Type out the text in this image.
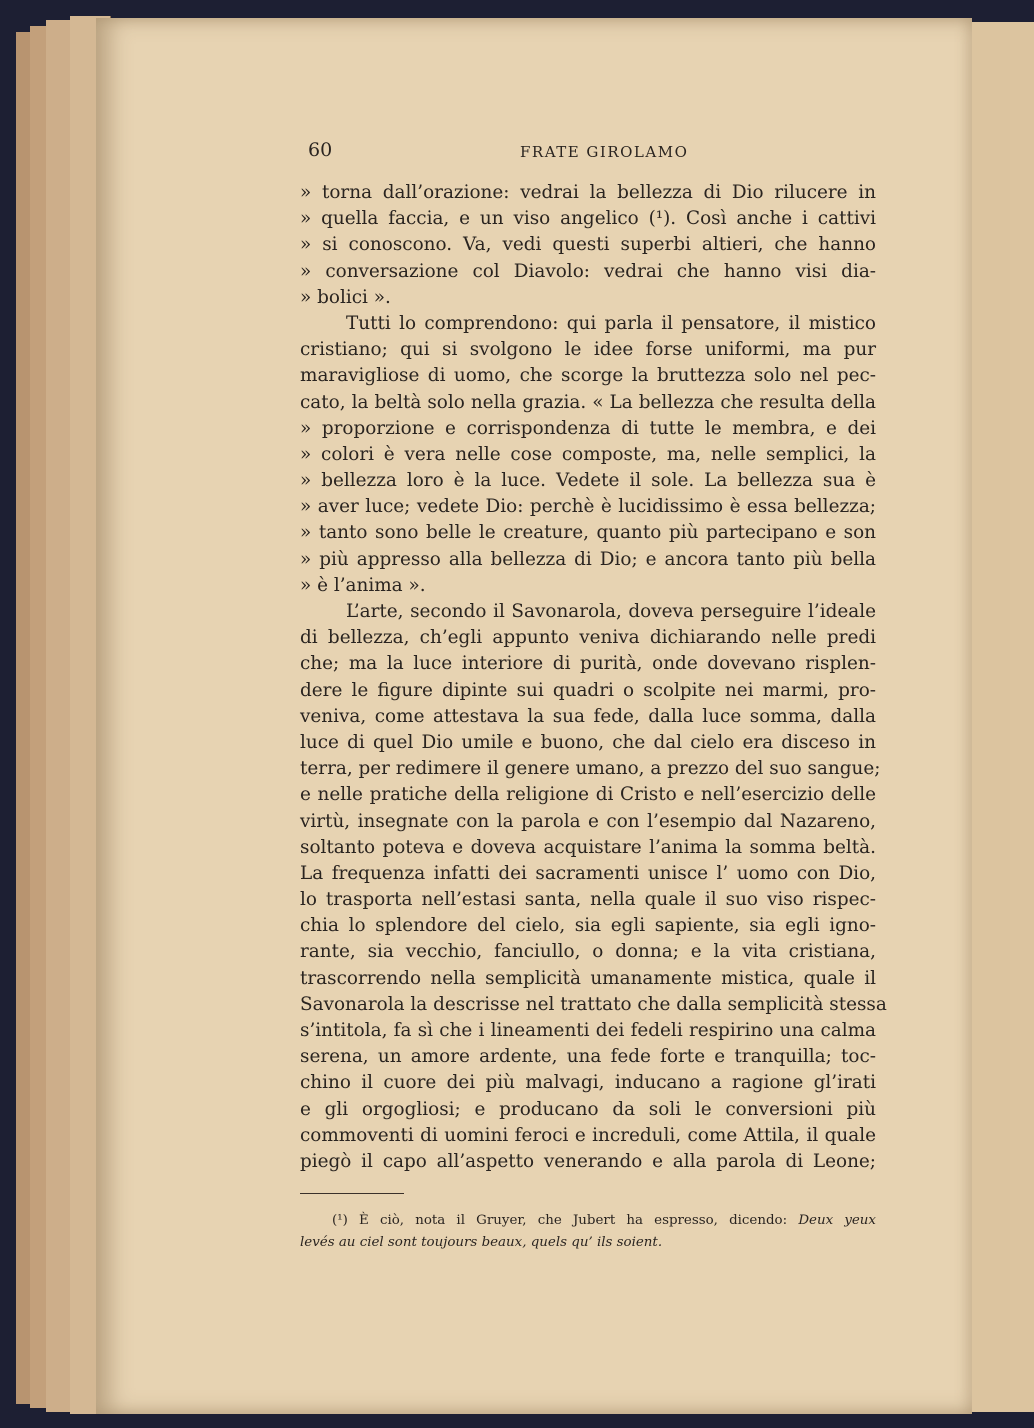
60	FRATE GIROLAMO
» torna dall’orazione: vedrai la bellezza di Dio rilucere in
» quella faccia, e un viso angelico (¹). Così anche i cattivi
» si conoscono. Va, vedi questi superbi altieri, che hanno
» conversazione col Diavolo: vedrai che hanno visi dia-
» bolici ».
Tutti lo comprendono: qui parla il pensatore, il mistico
cristiano; qui si svolgono le idee forse uniformi, ma pur
maravigliose di uomo, che scorge la bruttezza solo nel pec-
cato, la beltà solo nella grazia. « La bellezza che resulta della
» proporzione e corrispondenza di tutte le membra, e dei
» colori è vera nelle cose composte, ma, nelle semplici, la
» bellezza loro è la luce. Vedete il sole. La bellezza sua è
» aver luce; vedete Dio: perchè è lucidissimo è essa bellezza;
» tanto sono belle le creature, quanto più partecipano e son
» più appresso alla bellezza di Dio; e ancora tanto più bella
» è l’anima ».
L’arte, secondo il Savonarola, doveva perseguire l’ideale
di bellezza, ch’egli appunto veniva dichiarando nelle predi
che; ma la luce interiore di purità, onde dovevano risplen-
dere le figure dipinte sui quadri o scolpite nei marmi, pro-
veniva, come attestava la sua fede, dalla luce somma, dalla
luce di quel Dio umile e buono, che dal cielo era disceso in
terra, per redimere il genere umano, a prezzo del suo sangue;
e nelle pratiche della religione di Cristo e nell’esercizio delle
virtù, insegnate con la parola e con l’esempio dal Nazareno,
soltanto poteva e doveva acquistare l’anima la somma beltà.
La frequenza infatti dei sacramenti unisce l’ uomo con Dio,
lo trasporta nell’estasi santa, nella quale il suo viso rispec-
chia lo splendore del cielo, sia egli sapiente, sia egli igno-
rante, sia vecchio, fanciullo, o donna; e la vita cristiana,
trascorrendo nella semplicità umanamente mistica, quale il
Savonarola la descrisse nel trattato che dalla semplicità stessa
s’intitola, fa sì che i lineamenti dei fedeli respirino una calma
serena, un amore ardente, una fede forte e tranquilla; toc-
chino il cuore dei più malvagi, inducano a ragione gl’irati
e gli orgogliosi; e producano da soli le conversioni più
commoventi di uomini feroci e increduli, come Attila, il quale
piegò il capo all’aspetto venerando e alla parola di Leone;
(¹) È ciò, nota il Gruyer, che Jubert ha espresso, dicendo: Deux yeux
levés au ciel sont toujours beaux, quels qu’ ils soient.
